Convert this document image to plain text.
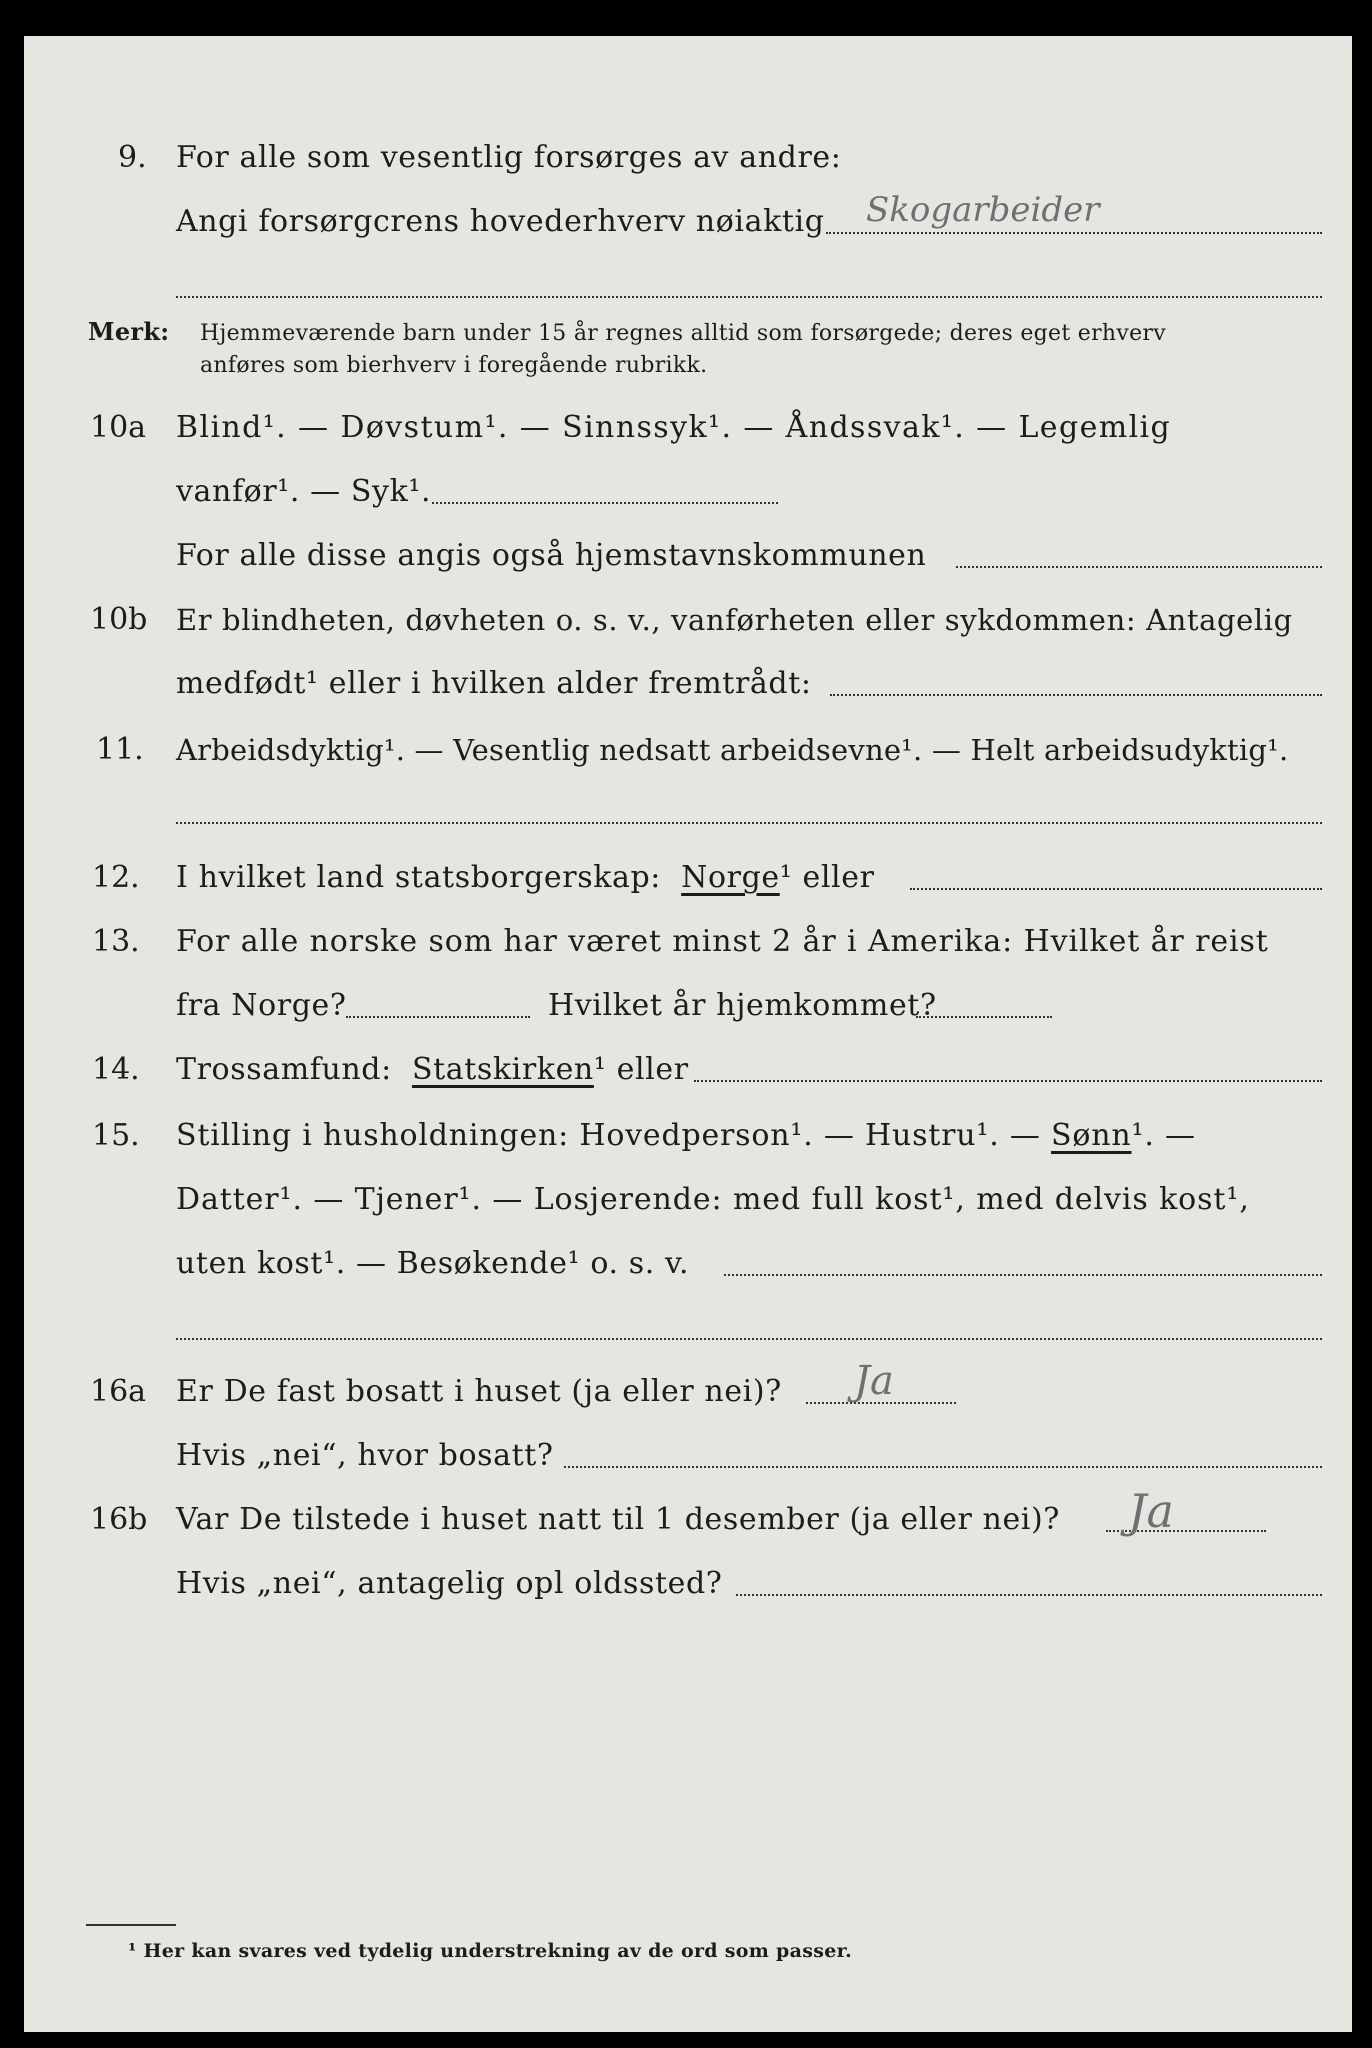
9. For alle som vesentlig forsørges av andre:
Angi forsørgcrens hovederhverv nøiaktig Skogarbeider
Merk: Hjemmeværende barn under 15 år regnes alltid som forsørgede; deres eget erhverv
anføres som bierhverv i foregående rubrikk.
10a Blind¹. — Døvstum¹. — Sinnssyk¹. — Åndssvak¹. — Legemlig
vanfør¹. — Syk¹.
For alle disse angis også hjemstavnskommunen
10b Er blindheten, døvheten o. s. v., vanførheten eller sykdommen: Antagelig
medfødt¹ eller i hvilken alder fremtrådt:
11. Arbeidsdyktig¹. — Vesentlig nedsatt arbeidsevne¹. — Helt arbeidsudyktig¹.
12. I hvilket land statsborgerskap: Norge¹ eller
13. For alle norske som har været minst 2 år i Amerika: Hvilket år reist
fra Norge?	Hvilket år hjemkommet?
14. Trossamfund: Statskirken¹ eller
15. Stilling i husholdningen: Hovedperson¹. — Hustru¹. — Sønn¹. —
Datter¹. — Tjener¹. — Losjerende: med full kost¹, med delvis kost¹,
uten kost¹. — Besøkende¹ o. s. v.
16a Er De fast bosatt i huset (ja eller nei)? Ja
Hvis „nei“, hvor bosatt?
16b Var De tilstede i huset natt til 1 desember (ja eller nei)? Ja
Hvis „nei“, antagelig opl oldssted?
¹ Her kan svares ved tydelig understrekning av de ord som passer.
